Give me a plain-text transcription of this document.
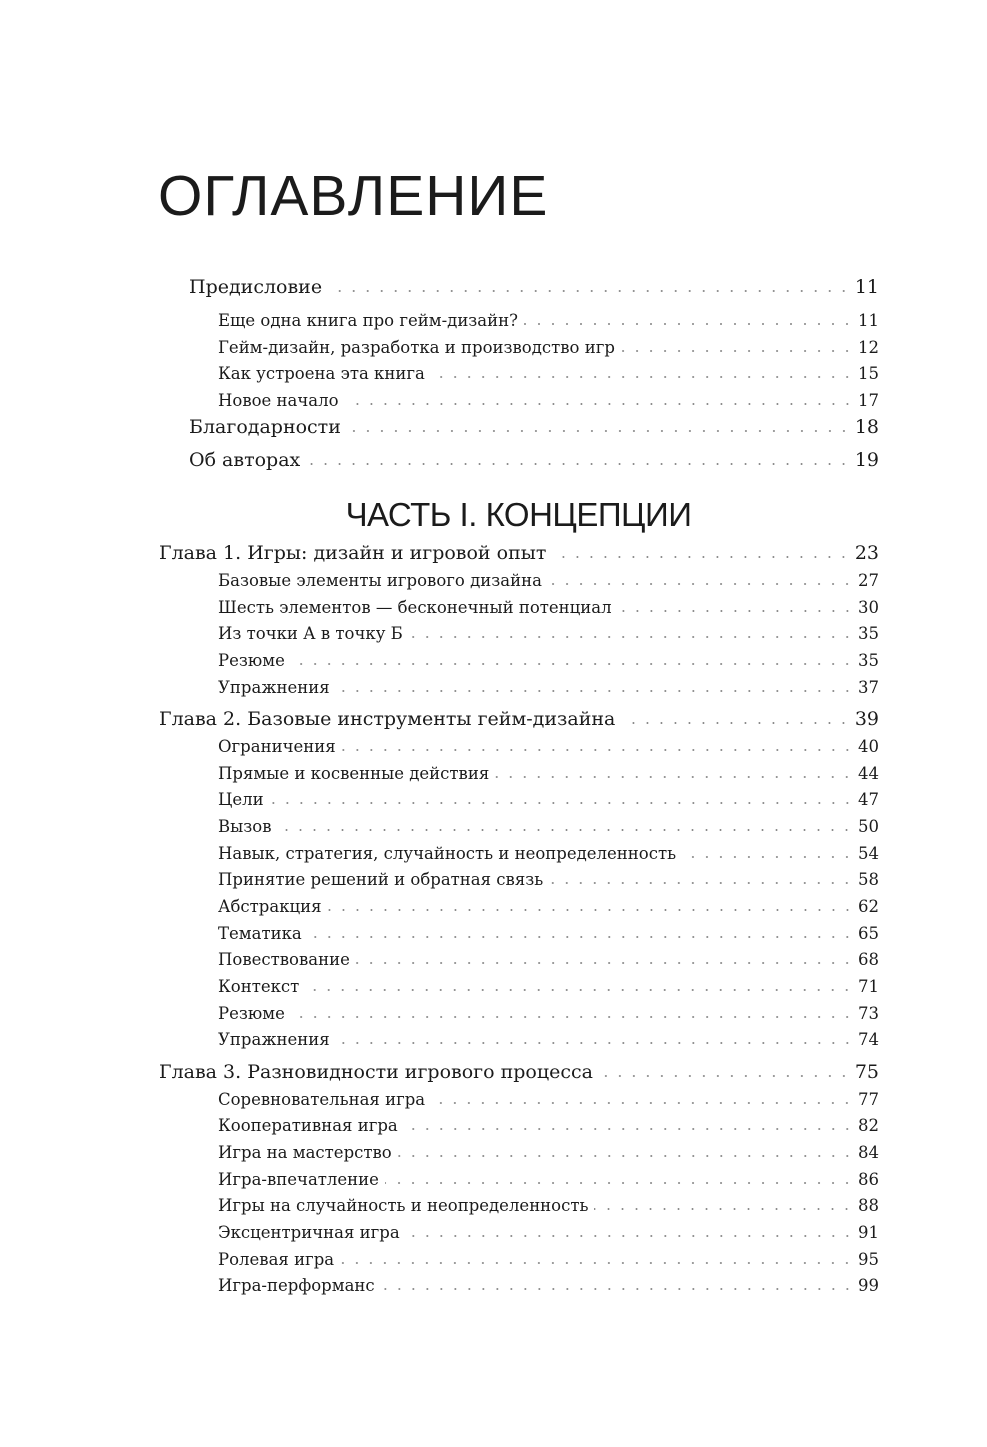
ОГЛАВЛЕНИЕ
Предисловие	11
Еще одна книга про гейм-дизайн?	11
Гейм-дизайн, разработка и производство игр	12
Как устроена эта книга	15
Новое начало	17
Благодарности	18
Об авторах	19
ЧАСТЬ I. КОНЦЕПЦИИ
Глава 1. Игры: дизайн и игровой опыт	23
Базовые элементы игрового дизайна	27
Шесть элементов — бесконечный потенциал	30
Из точки А в точку Б	35
Резюме	35
Упражнения	37
Глава 2. Базовые инструменты гейм-дизайна	39
Ограничения	40
Прямые и косвенные действия	44
Цели	47
Вызов	50
Навык, стратегия, случайность и неопределенность	54
Принятие решений и обратная связь	58
Абстракция	62
Тематика	65
Повествование	68
Контекст	71
Резюме	73
Упражнения	74
Глава 3. Разновидности игрового процесса	75
Соревновательная игра	77
Кооперативная игра	82
Игра на мастерство	84
Игра-впечатление	86
Игры на случайность и неопределенность	88
Эксцентричная игра	91
Ролевая игра	95
Игра-перформанс	99
